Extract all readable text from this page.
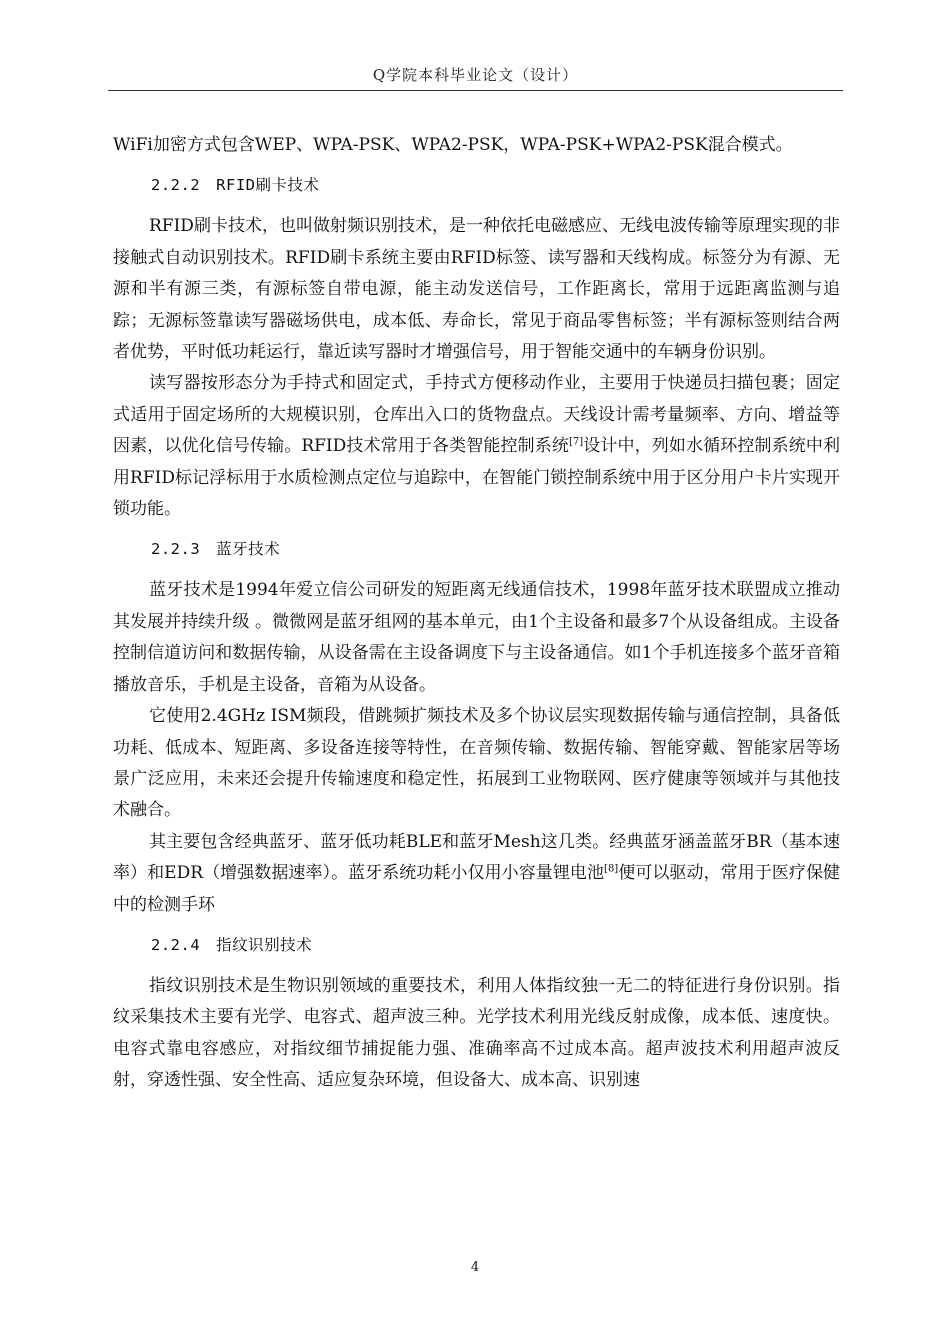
Q学院本科毕业论文（设计）

WiFi加密方式包含WEP、WPA-PSK、WPA2-PSK，WPA-PSK+WPA2-PSK混合模式。

2.2.2　RFID刷卡技术

RFID刷卡技术，也叫做射频识别技术，是一种依托电磁感应、无线电波传输等原理实现的非接触式自动识别技术。RFID刷卡系统主要由RFID标签、读写器和天线构成。标签分为有源、无源和半有源三类，有源标签自带电源，能主动发送信号，工作距离长，常用于远距离监测与追踪；无源标签靠读写器磁场供电，成本低、寿命长，常见于商品零售标签；半有源标签则结合两者优势，平时低功耗运行，靠近读写器时才增强信号，用于智能交通中的车辆身份识别。

读写器按形态分为手持式和固定式，手持式方便移动作业，主要用于快递员扫描包裹；固定式适用于固定场所的大规模识别，仓库出入口的货物盘点。天线设计需考量频率、方向、增益等因素，以优化信号传输。RFID技术常用于各类智能控制系统[7]设计中，列如水循环控制系统中利用RFID标记浮标用于水质检测点定位与追踪中，在智能门锁控制系统中用于区分用户卡片实现开锁功能。

2.2.3　蓝牙技术

蓝牙技术是1994年爱立信公司研发的短距离无线通信技术，1998年蓝牙技术联盟成立推动其发展并持续升级 。微微网是蓝牙组网的基本单元，由1个主设备和最多7个从设备组成。主设备控制信道访问和数据传输，从设备需在主设备调度下与主设备通信。如1个手机连接多个蓝牙音箱播放音乐，手机是主设备，音箱为从设备。

它使用2.4GHz ISM频段，借跳频扩频技术及多个协议层实现数据传输与通信控制，具备低功耗、低成本、短距离、多设备连接等特性，在音频传输、数据传输、智能穿戴、智能家居等场景广泛应用，未来还会提升传输速度和稳定性，拓展到工业物联网、医疗健康等领域并与其他技术融合。

其主要包含经典蓝牙、蓝牙低功耗BLE和蓝牙Mesh这几类。经典蓝牙涵盖蓝牙BR（基本速率）和EDR（增强数据速率）。蓝牙系统功耗小仅用小容量锂电池[8]便可以驱动，常用于医疗保健中的检测手环

2.2.4　指纹识别技术

指纹识别技术是生物识别领域的重要技术，利用人体指纹独一无二的特征进行身份识别。指纹采集技术主要有光学、电容式、超声波三种。光学技术利用光线反射成像，成本低、速度快。电容式靠电容感应，对指纹细节捕捉能力强、准确率高不过成本高。超声波技术利用超声波反射，穿透性强、安全性高、适应复杂环境，但设备大、成本高、识别速

4
